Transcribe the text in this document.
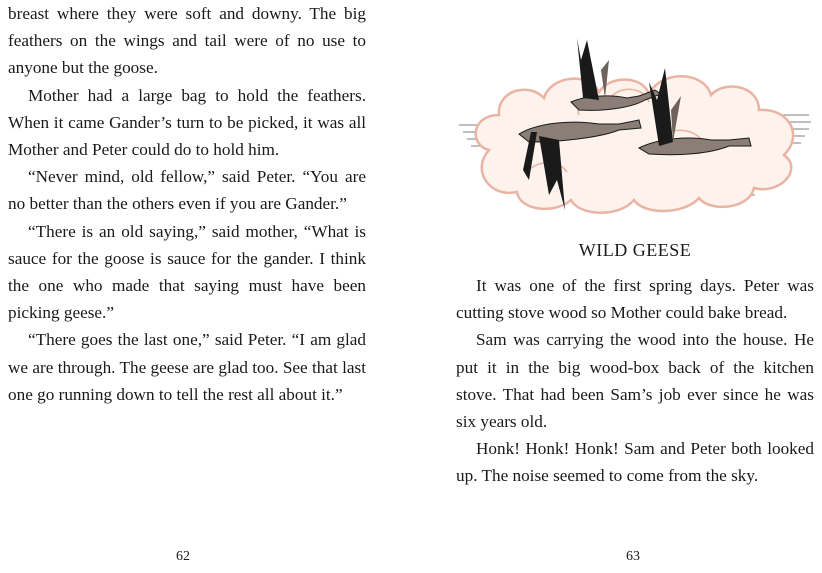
breast where they were soft and downy. The big feathers on the wings and tail were of no use to anyone but the goose.

Mother had a large bag to hold the feathers. When it came Gander’s turn to be picked, it was all Mother and Peter could do to hold him.

“Never mind, old fellow,” said Peter. “You are no better than the others even if you are Gander.”

“There is an old saying,” said mother, “What is sauce for the goose is sauce for the gander. I think the one who made that saying must have been picking geese.”

“There goes the last one,” said Peter. “I am glad we are through. The geese are glad too. See that last one go running down to tell the rest all about it.”

62
WILD GEESE

It was one of the first spring days. Peter was cutting stove wood so Mother could bake bread.

Sam was carrying the wood into the house. He put it in the big wood-box back of the kitchen stove. That had been Sam’s job ever since he was six years old.

Honk! Honk! Honk! Sam and Peter both looked up. The noise seemed to come from the sky.

63
